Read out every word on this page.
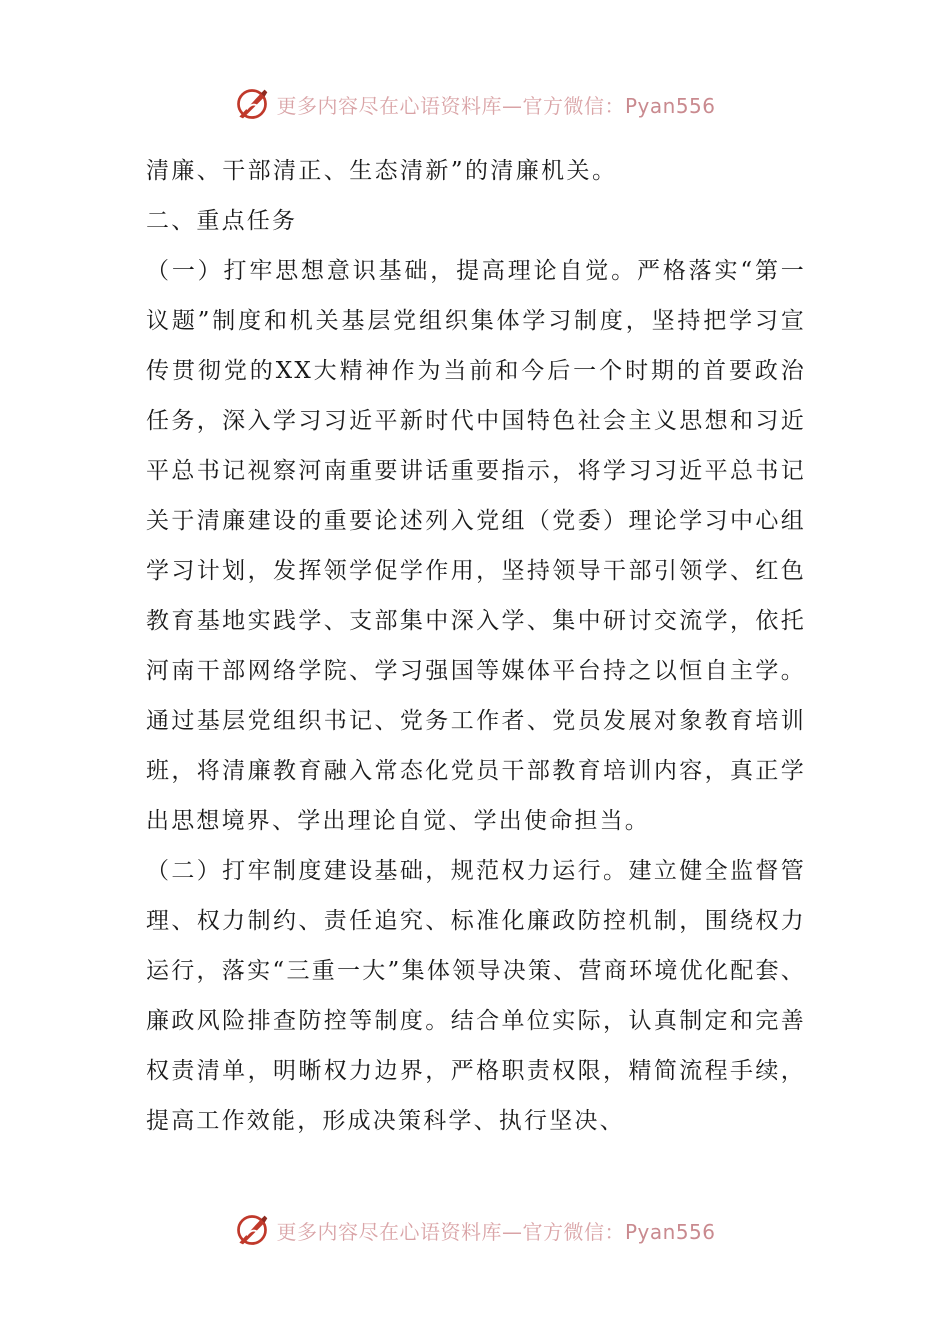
更多内容尽在心语资料库—官方微信：Pyan556

清廉、干部清正、生态清新”的清廉机关。

二、重点任务

（一）打牢思想意识基础，提高理论自觉。严格落实“第一议题”制度和机关基层党组织集体学习制度，坚持把学习宣传贯彻党的XX大精神作为当前和今后一个时期的首要政治任务，深入学习习近平新时代中国特色社会主义思想和习近平总书记视察河南重要讲话重要指示，将学习习近平总书记关于清廉建设的重要论述列入党组（党委）理论学习中心组学习计划，发挥领学促学作用，坚持领导干部引领学、红色教育基地实践学、支部集中深入学、集中研讨交流学，依托河南干部网络学院、学习强国等媒体平台持之以恒自主学。通过基层党组织书记、党务工作者、党员发展对象教育培训班，将清廉教育融入常态化党员干部教育培训内容，真正学出思想境界、学出理论自觉、学出使命担当。

（二）打牢制度建设基础，规范权力运行。建立健全监督管理、权力制约、责任追究、标准化廉政防控机制，围绕权力运行，落实“三重一大”集体领导决策、营商环境优化配套、廉政风险排查防控等制度。结合单位实际，认真制定和完善权责清单，明晰权力边界，严格职责权限，精简流程手续，提高工作效能，形成决策科学、执行坚决、

更多内容尽在心语资料库—官方微信：Pyan556
